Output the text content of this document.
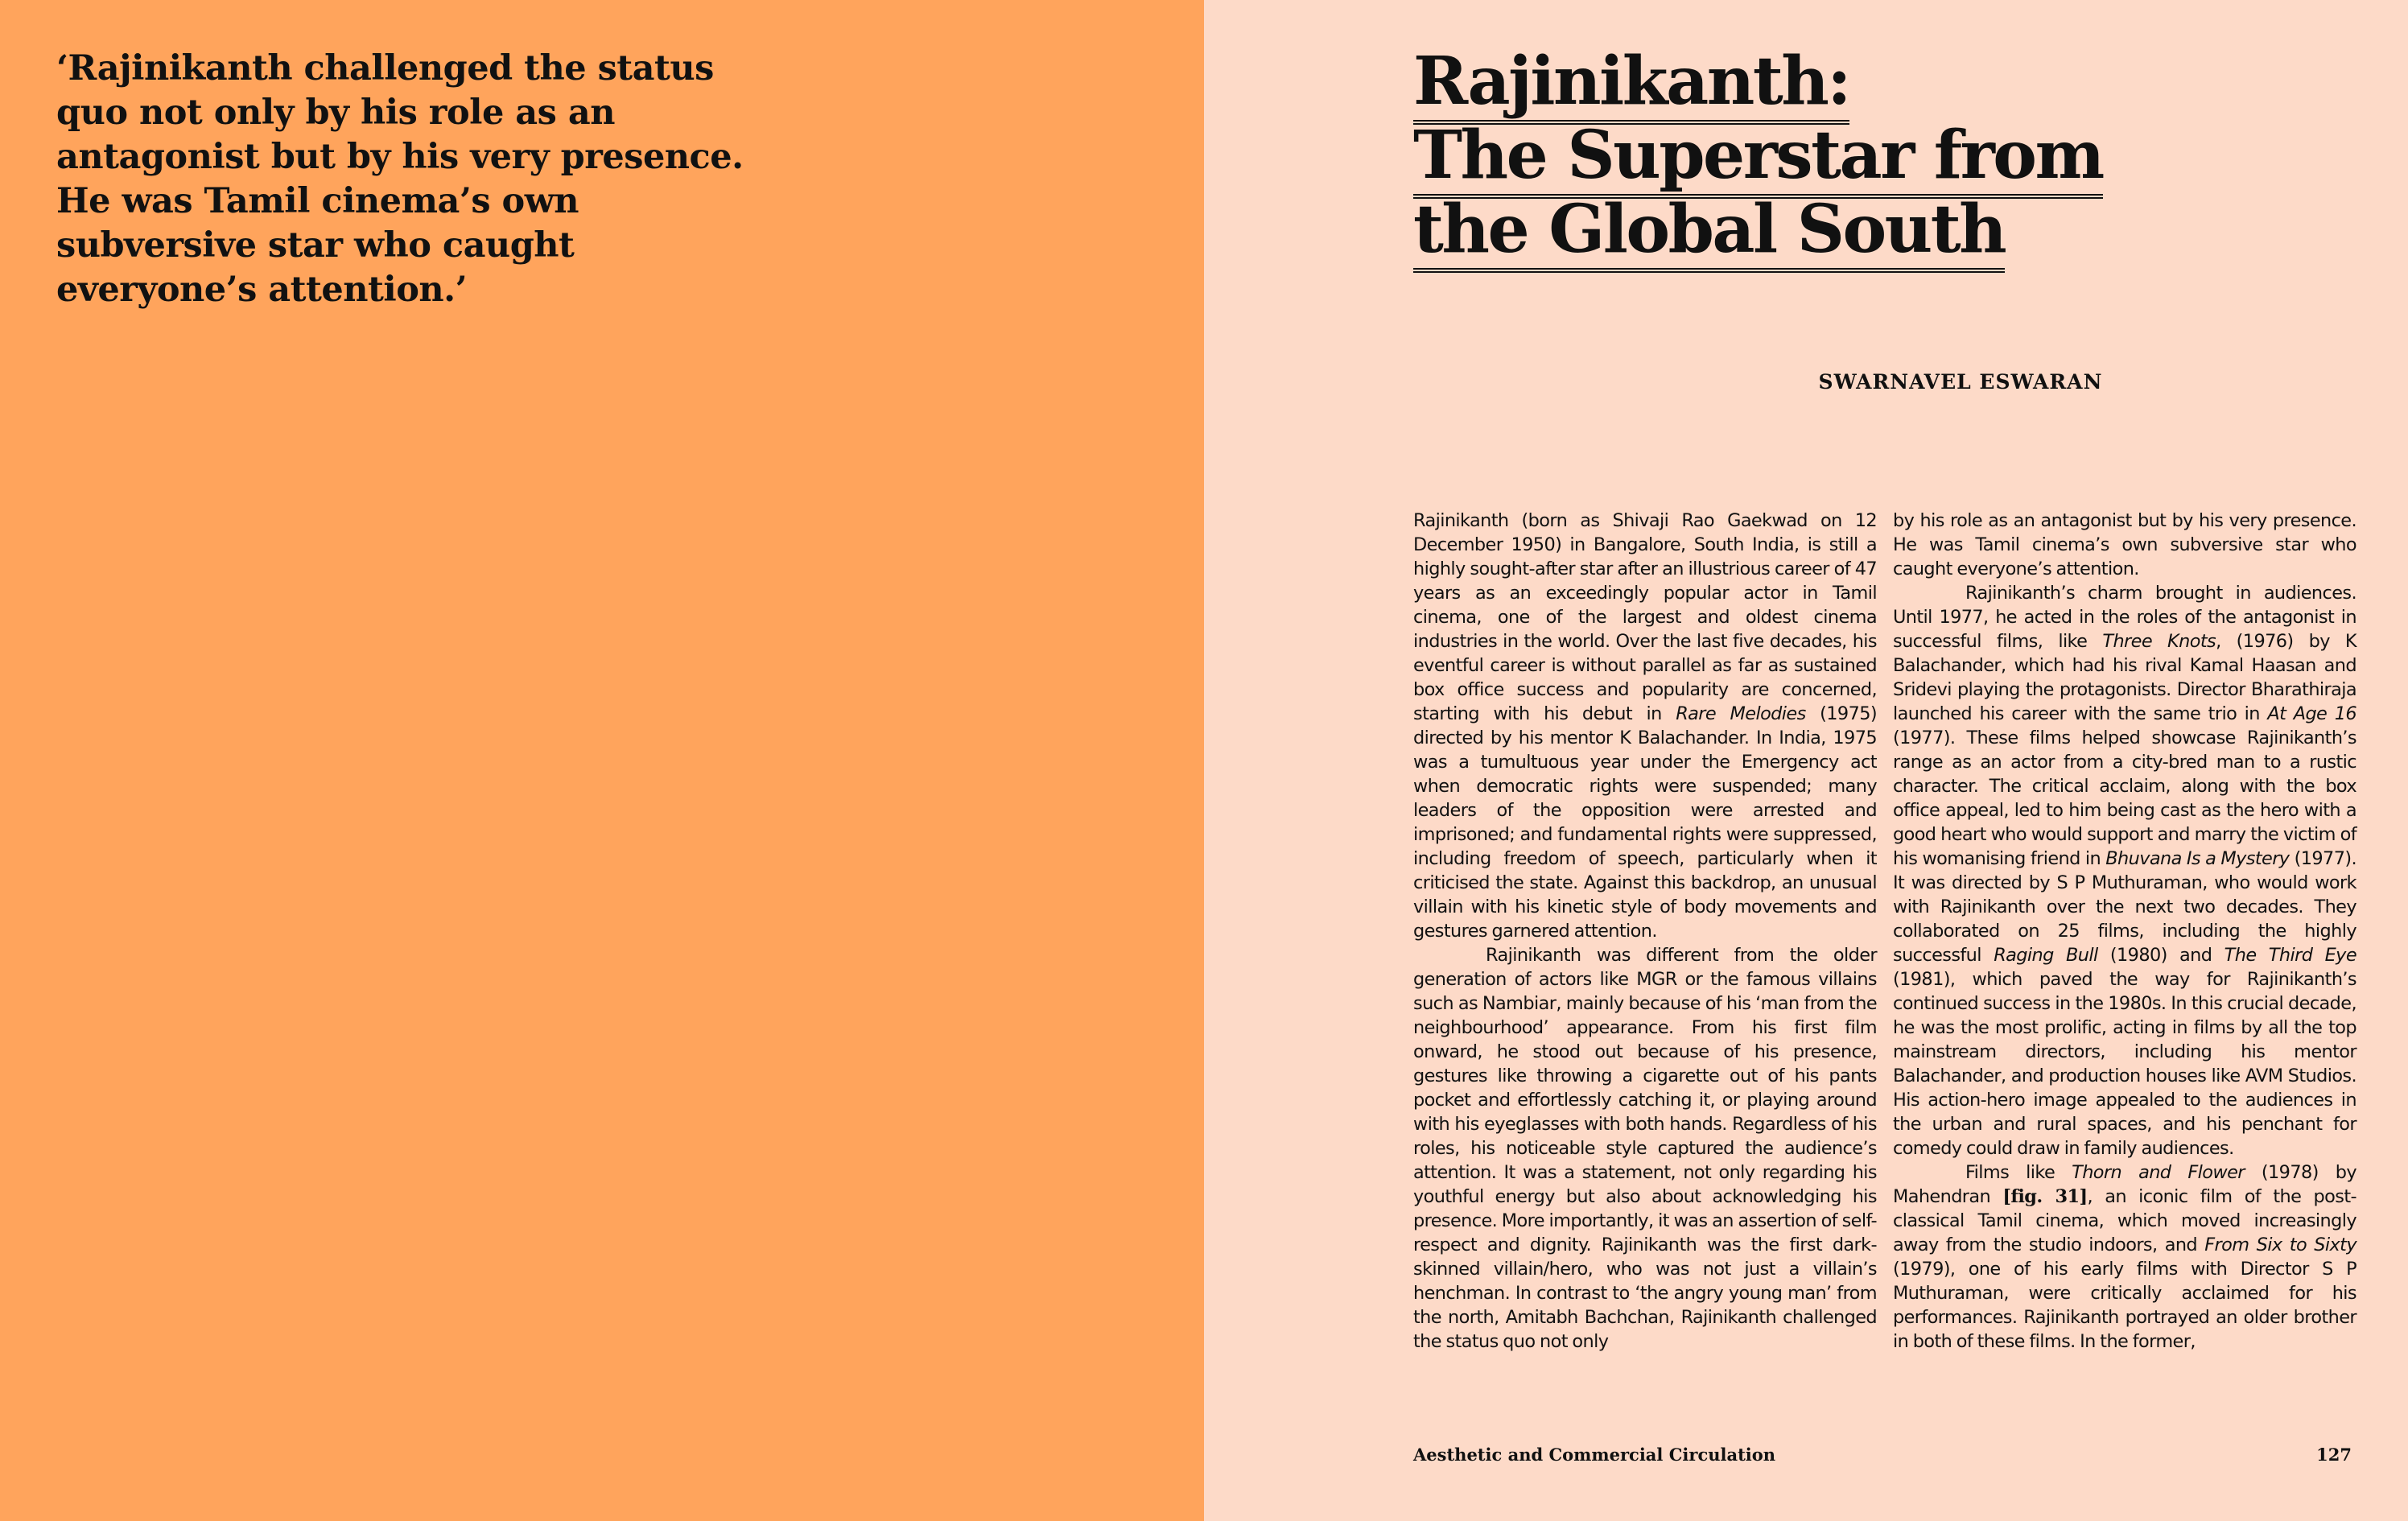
‘Rajinikanth challenged the status quo not only by his role as an antagonist but by his very presence. He was Tamil cinema’s own subversive star who caught everyone’s attention.’

Rajinikanth:
The Superstar from
the Global South
SWARNAVEL ESWARAN

Rajinikanth (born as Shivaji Rao Gaekwad on 12 December 1950) in Bangalore, South India, is still a highly sought-after star after an illustrious career of 47 years as an exceedingly popular actor in Tamil cinema, one of the largest and oldest cinema industries in the world. Over the last five decades, his eventful career is without parallel as far as sustained box office success and popularity are concerned, starting with his debut in Rare Melodies (1975) directed by his mentor K Balachander. In India, 1975 was a tumultuous year under the Emergency act when democratic rights were suspended; many leaders of the opposition were arrested and imprisoned; and fundamental rights were suppressed, including freedom of speech, particularly when it criticised the state. Against this backdrop, an unusual villain with his kinetic style of body movements and gestures garnered attention.

Rajinikanth was different from the older generation of actors like MGR or the famous villains such as Nambiar, mainly because of his ‘man from the neighbourhood’ appearance. From his first film onward, he stood out because of his presence, gestures like throwing a cigarette out of his pants pocket and effortlessly catching it, or playing around with his eyeglasses with both hands. Regardless of his roles, his noticeable style captured the audience’s attention. It was a statement, not only regarding his youthful energy but also about acknowledging his presence. More importantly, it was an assertion of self-respect and dignity. Rajinikanth was the first dark-skinned villain/hero, who was not just a villain’s henchman. In contrast to ‘the angry young man’ from the north, Amitabh Bachchan, Rajinikanth challenged the status quo not only

by his role as an antagonist but by his very presence. He was Tamil cinema’s own subversive star who caught everyone’s attention.

Rajinikanth’s charm brought in audiences. Until 1977, he acted in the roles of the antagonist in successful films, like Three Knots, (1976) by K Balachander, which had his rival Kamal Haasan and Sridevi playing the protagonists. Director Bharathiraja launched his career with the same trio in At Age 16 (1977). These films helped showcase Rajinikanth’s range as an actor from a city-bred man to a rustic character. The critical acclaim, along with the box office appeal, led to him being cast as the hero with a good heart who would support and marry the victim of his womanising friend in Bhuvana Is a Mystery (1977). It was directed by S P Muthuraman, who would work with Rajinikanth over the next two decades. They collaborated on 25 films, including the highly successful Raging Bull (1980) and The Third Eye (1981), which paved the way for Rajinikanth’s continued success in the 1980s. In this crucial decade, he was the most prolific, acting in films by all the top mainstream directors, including his mentor Balachander, and production houses like AVM Studios. His action-hero image appealed to the audiences in the urban and rural spaces, and his penchant for comedy could draw in family audiences.

Films like Thorn and Flower (1978) by Mahendran [fig. 31], an iconic film of the post-classical Tamil cinema, which moved increasingly away from the studio indoors, and From Six to Sixty (1979), one of his early films with Director S P Muthuraman, were critically acclaimed for his performances. Rajinikanth portrayed an older brother in both of these films. In the former,

Aesthetic and Commercial Circulation	127
